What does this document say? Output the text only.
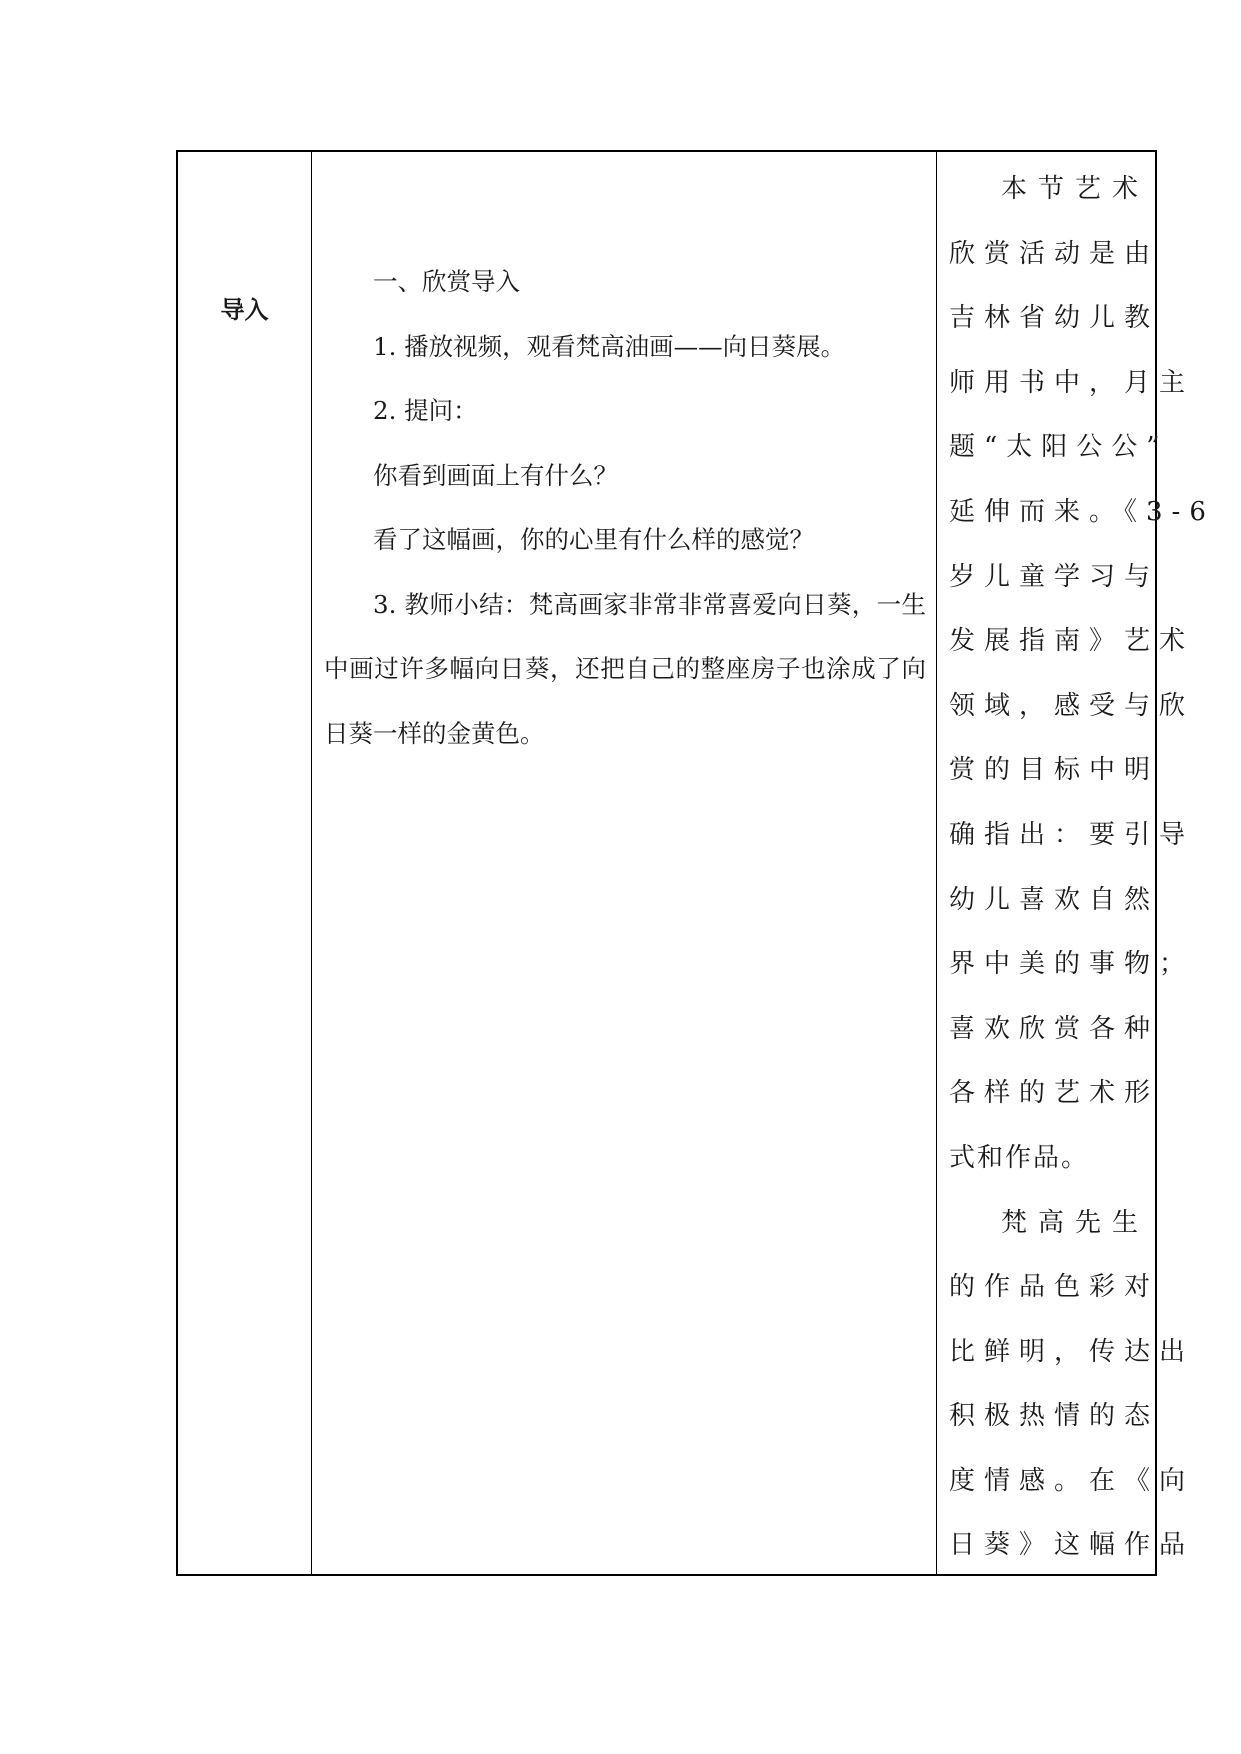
导入

一、欣赏导入

1. 播放视频，观看梵高油画——向日葵展。

2. 提问：

你看到画面上有什么？

看了这幅画，你的心里有什么样的感觉？

3. 教师小结：梵高画家非常非常喜爱向日葵，一生中画过许多幅向日葵，还把自己的整座房子也涂成了向日葵一样的金黄色。

本节艺术
欣赏活动是由
吉林省幼儿教
师用书中，月主
题“太阳公公”
延伸而来。《3-6
岁儿童学习与
发展指南》艺术
领域，感受与欣
赏的目标中明
确指出：要引导
幼儿喜欢自然
界中美的事物；
喜欢欣赏各种
各样的艺术形
式和作品。
梵高先生
的作品色彩对
比鲜明，传达出
积极热情的态
度情感。在《向
日葵》这幅作品
